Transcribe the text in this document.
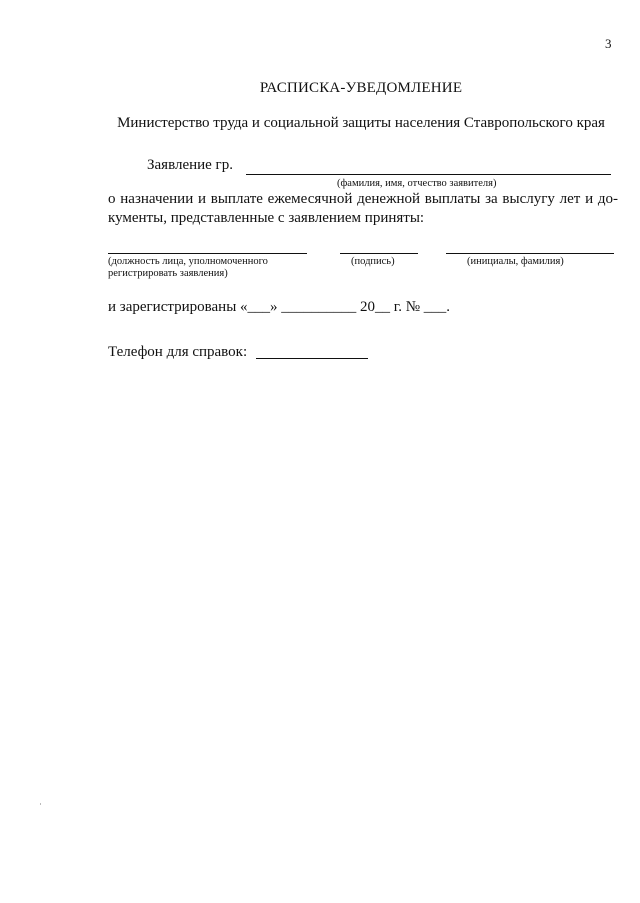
3
РАСПИСКА-УВЕДОМЛЕНИЕ
Министерство труда и социальной защиты населения Ставропольского края
Заявление гр.
(фамилия, имя, отчество заявителя)
о назначении и выплате ежемесячной денежной выплаты за выслугу лет и до-
кументы, представленные с заявлением приняты:
(должность лица, уполномоченного
регистрировать заявления)
(подпись)	(инициалы, фамилия)
и зарегистрированы «___» __________ 20__ г. № ___.
Телефон для справок:
